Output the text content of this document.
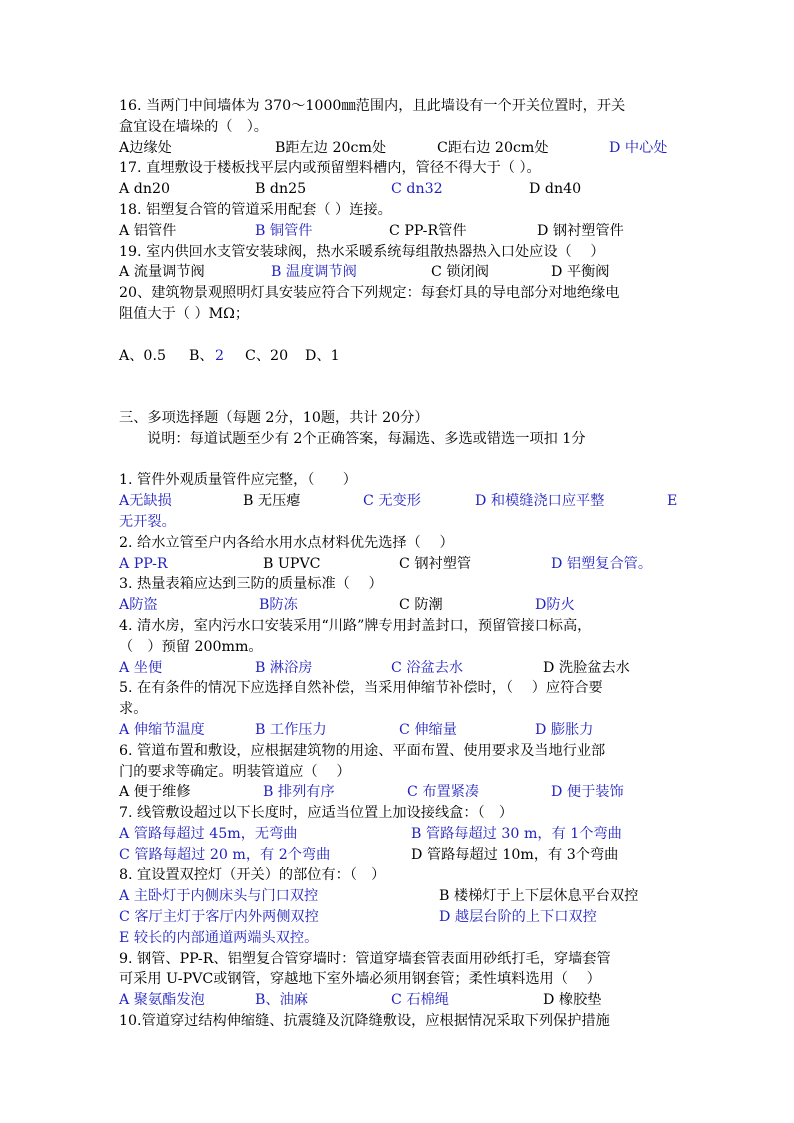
16. 当两门中间墙体为 370～1000㎜范围内，且此墙设有一个开关位置时，开关
盒宜设在墙垛的（　）。
A边缘处	B距左边 20cm处	C距右边 20cm处	D 中心处
17. 直埋敷设于楼板找平层内或预留塑料槽内，管径不得大于（ ）。
A dn20	B dn25	C dn32	D dn40
18. 铝塑复合管的管道采用配套（ ）连接。
A 铝管件	B 铜管件	C PP-R管件	D 钢衬塑管件
19. 室内供回水支管安装球阀，热水采暖系统每组散热器热入口处应设（　 ）
A 流量调节阀	B 温度调节阀	C 锁闭阀	D 平衡阀
20、建筑物景观照明灯具安装应符合下列规定：每套灯具的导电部分对地绝缘电
阻值大于（ ）MΩ；
A、0.5 B、 2 C、20 D、1
三、多项选择题（每题 2分，10题，共计 20分）
说明：每道试题至少有 2个正确答案，每漏选、多选或错选一项扣 1分
1. 管件外观质量管件应完整，（　　）
A无缺损	B 无压瘪	C 无变形	D 和模缝浇口应平整	E
无开裂。
2. 给水立管至户内各给水用水点材料优先选择（　 ）
A PP-R	B UPVC	C 钢衬塑管	D 铝塑复合管。
3. 热量表箱应达到三防的质量标准（　 ）
A防盗	B防冻	C 防潮	D防火
4. 清水房，室内污水口安装采用“川路”牌专用封盖封口，预留管接口标高，
（　）预留 200mm。
A 坐便	B 淋浴房	C 浴盆去水	D 洗脸盆去水
5. 在有条件的情况下应选择自然补偿，当采用伸缩节补偿时，（　 ）应符合要
求。
A 伸缩节温度	B 工作压力	C 伸缩量	D 膨胀力
6. 管道布置和敷设，应根据建筑物的用途、平面布置、使用要求及当地行业部
门的要求等确定。明装管道应（　 ）
A 便于维修	B 排列有序	C 布置紧凑	D 便于装饰
7. 线管敷设超过以下长度时，应适当位置上加设接线盒：（　）
A 管路每超过 45m，无弯曲	B 管路每超过 30 m，有 1个弯曲
C 管路每超过 20 m，有 2个弯曲	D 管路每超过 10m，有 3个弯曲
8. 宜设置双控灯（开关）的部位有：（　）
A 主卧灯于内侧床头与门口双控	B 楼梯灯于上下层休息平台双控
C 客厅主灯于客厅内外两侧双控	D 越层台阶的上下口双控
E 较长的内部通道两端头双控。
9. 钢管、PP-R、铝塑复合管穿墙时：管道穿墙套管表面用砂纸打毛，穿墙套管
可采用 U-PVC或钢管，穿越地下室外墙必须用钢套管；柔性填料选用（　 ）
A 聚氨酯发泡	B、油麻	C 石棉绳	D 橡胶垫
10.管道穿过结构伸缩缝、抗震缝及沉降缝敷设，应根据情况采取下列保护措施
